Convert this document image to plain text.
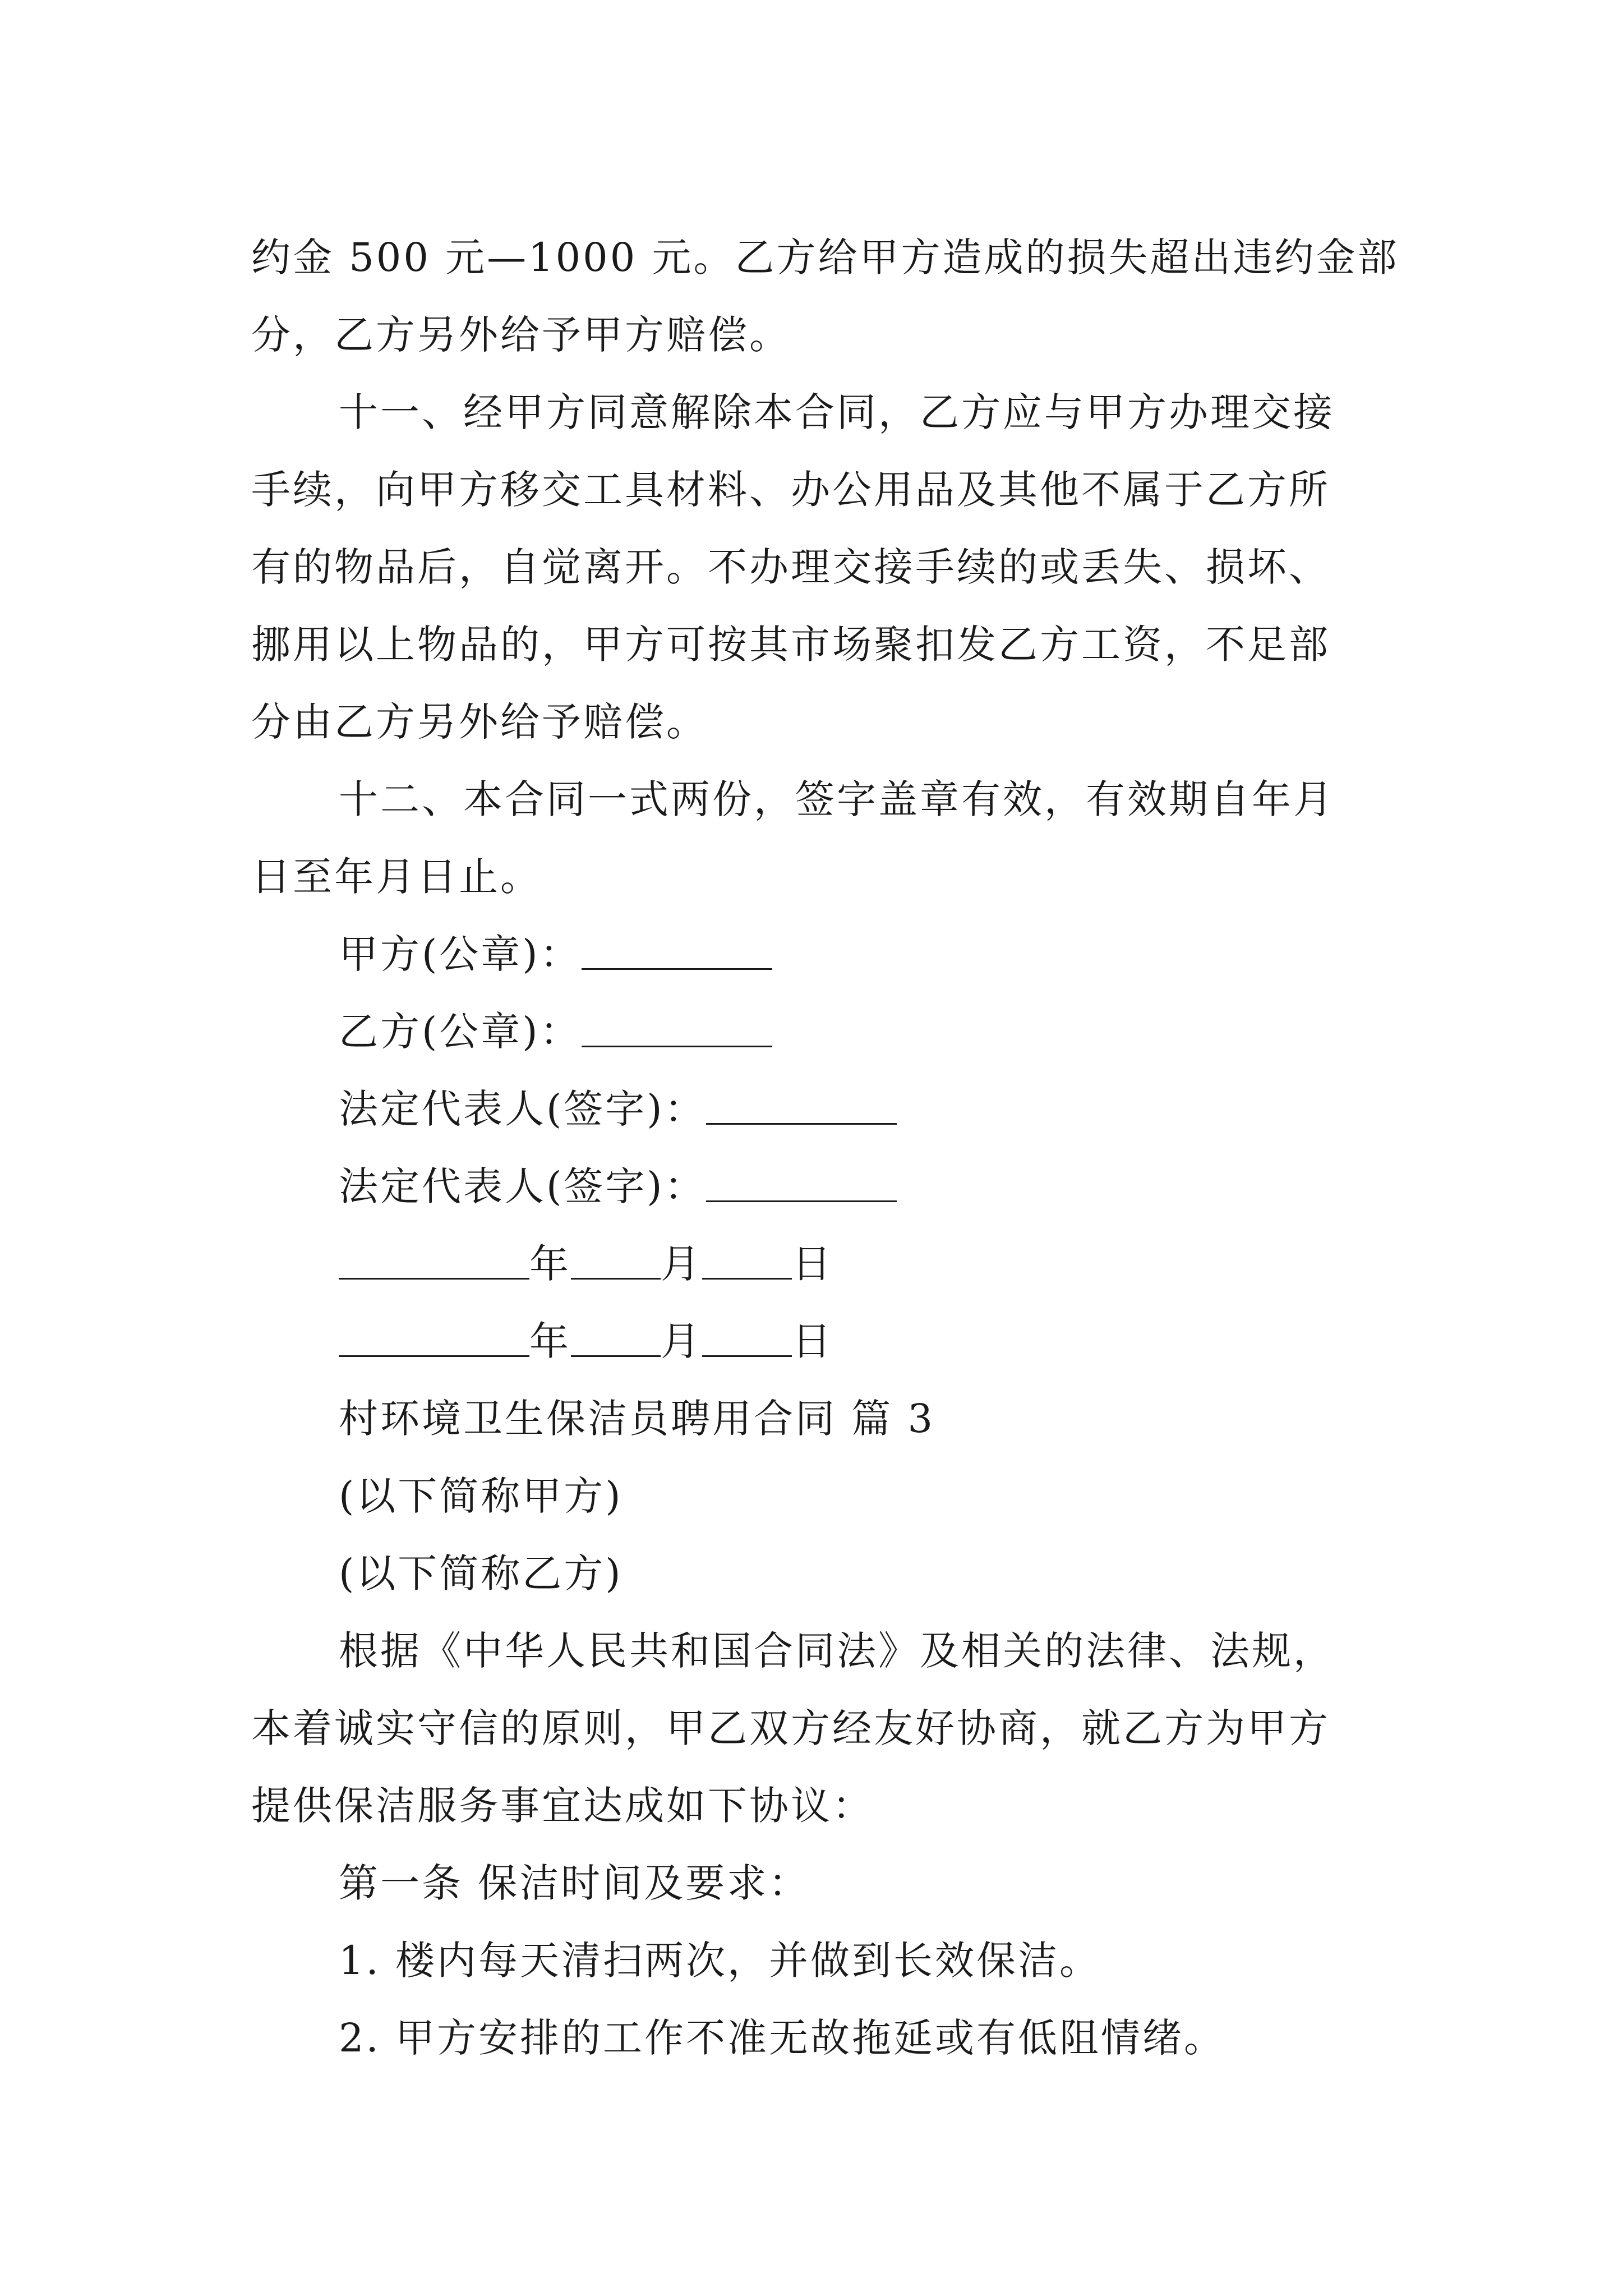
约金 500 元—1000 元。乙方给甲方造成的损失超出违约金部
分，乙方另外给予甲方赔偿。
十一、经甲方同意解除本合同，乙方应与甲方办理交接
手续，向甲方移交工具材料、办公用品及其他不属于乙方所
有的物品后，自觉离开。不办理交接手续的或丢失、损坏、
挪用以上物品的，甲方可按其市场聚扣发乙方工资，不足部
分由乙方另外给予赔偿。
十二、本合同一式两份，签字盖章有效，有效期自年月
日至年月日止。
甲方(公章)：
乙方(公章)：
法定代表人(签字)：
法定代表人(签字)：
年 月 日
年 月 日
村环境卫生保洁员聘用合同 篇 3
(以下简称甲方)
(以下简称乙方)
根据《中华人民共和国合同法》及相关的法律、法规，
本着诚实守信的原则，甲乙双方经友好协商，就乙方为甲方
提供保洁服务事宜达成如下协议：
第一条 保洁时间及要求：
1. 楼内每天清扫两次，并做到长效保洁。
2. 甲方安排的工作不准无故拖延或有低阻情绪。
